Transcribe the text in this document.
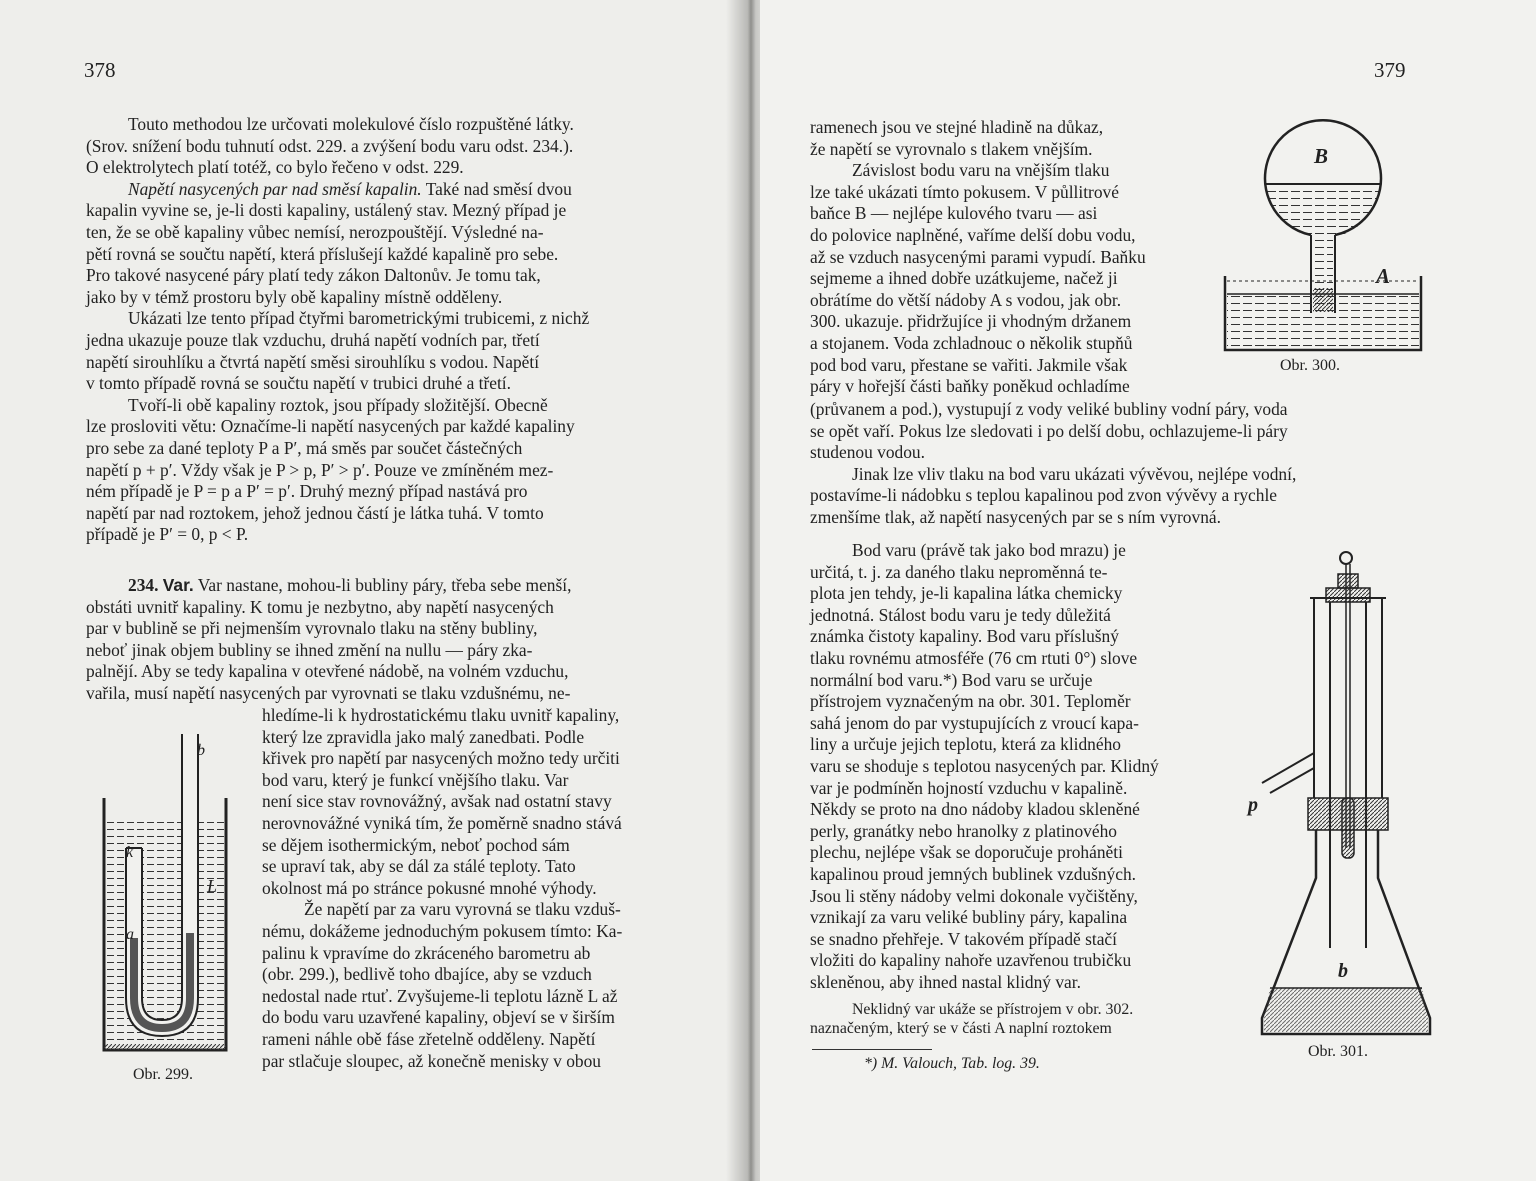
378

Touto methodou lze určovati molekulové číslo rozpuštěné látky.
(Srov. snížení bodu tuhnutí odst. 229. a zvýšení bodu varu odst. 234.).
O elektrolytech platí totéž, co bylo řečeno v odst. 229.

Napětí nasycených par nad směsí kapalin. Také nad směsí dvou
kapalin vyvine se, je-li dosti kapaliny, ustálený stav. Mezný případ je
ten, že se obě kapaliny vůbec nemísí, nerozpouštějí. Výsledné na-
pětí rovná se součtu napětí, která příslušejí každé kapalině pro sebe.
Pro takové nasycené páry platí tedy zákon Daltonův. Je tomu tak,
jako by v témž prostoru byly obě kapaliny místně odděleny.

Ukázati lze tento případ čtyřmi barometrickými trubicemi, z nichž
jedna ukazuje pouze tlak vzduchu, druhá napětí vodních par, třetí
napětí sirouhlíku a čtvrtá napětí směsi sirouhlíku s vodou. Napětí
v tomto případě rovná se součtu napětí v trubici druhé a třetí.

Tvoří-li obě kapaliny roztok, jsou případy složitější. Obecně
lze prosloviti větu: Označíme-li napětí nasycených par každé kapaliny
pro sebe za dané teploty P a P′, má směs par součet částečných
napětí p + p′. Vždy však je P > p, P′ > p′. Pouze ve zmíněném mez-
ném případě je P = p a P′ = p′. Druhý mezný případ nastává pro
napětí par nad roztokem, jehož jednou částí je látka tuhá. V tomto
případě je P′ = 0, p < P.

234. Var. Var nastane, mohou-li bubliny páry, třeba sebe menší,
obstáti uvnitř kapaliny. K tomu je nezbytno, aby napětí nasycených
par v bublině se při nejmenším vyrovnalo tlaku na stěny bubliny,
neboť jinak objem bubliny se ihned změní na nullu — páry zka-
palnějí. Aby se tedy kapalina v otevřené nádobě, na volném vzduchu,
vařila, musí napětí nasycených par vyrovnati se tlaku vzdušnému, ne-

hledíme-li k hydrostatickému tlaku uvnitř kapaliny,
který lze zpravidla jako malý zanedbati. Podle
křivek pro napětí par nasycených možno tedy určiti
bod varu, který je funkcí vnějšího tlaku. Var
není sice stav rovnovážný, avšak nad ostatní stavy
nerovnovážné vyniká tím, že poměrně snadno stává
se dějem isothermickým, neboť pochod sám
se upraví tak, aby se dál za stálé teploty. Tato
okolnost má po stránce pokusné mnohé výhody.

Že napětí par za varu vyrovná se tlaku vzduš-
nému, dokážeme jednoduchým pokusem tímto: Ka-
palinu k vpravíme do zkráceného barometru ab
(obr. 299.), bedlivě toho dbajíce, aby se vzduch
nedostal nade rtuť. Zvyšujeme-li teplotu lázně L až
do bodu varu uzavřené kapaliny, objeví se v širším
rameni náhle obě fáse zřetelně odděleny. Napětí
par stlačuje sloupec, až konečně menisky v obou

b
k
L
a
Obr. 299.
379

ramenech jsou ve stejné hladině na důkaz,
že napětí se vyrovnalo s tlakem vnějším.

Závislost bodu varu na vnějším tlaku
lze také ukázati tímto pokusem. V půllitrové
baňce B — nejlépe kulového tvaru — asi
do polovice naplněné, vaříme delší dobu vodu,
až se vzduch nasycenými parami vypudí. Baňku
sejmeme a ihned dobře uzátkujeme, načež ji
obrátíme do větší nádoby A s vodou, jak obr.
300. ukazuje. přidržujíce ji vhodným držanem
a stojanem. Voda zchladnouc o několik stupňů
pod bod varu, přestane se vařiti. Jakmile však
páry v hořejší části baňky poněkud ochladíme

(průvanem a pod.), vystupují z vody veliké bubliny vodní páry, voda
se opět vaří. Pokus lze sledovati i po delší dobu, ochlazujeme-li páry
studenou vodou.

Jinak lze vliv tlaku na bod varu ukázati vývěvou, nejlépe vodní,
postavíme-li nádobku s teplou kapalinou pod zvon vývěvy a rychle
zmenšíme tlak, až napětí nasycených par se s ním vyrovná.

Bod varu (právě tak jako bod mrazu) je
určitá, t. j. za daného tlaku neproměnná te-
plota jen tehdy, je-li kapalina látka chemicky
jednotná. Stálost bodu varu je tedy důležitá
známka čistoty kapaliny. Bod varu příslušný
tlaku rovnému atmosféře (76 cm rtuti 0°) slove
normální bod varu.*) Bod varu se určuje
přístrojem vyznačeným na obr. 301. Teploměr
sahá jenom do par vystupujících z vroucí kapa-
liny a určuje jejich teplotu, která za klidného
varu se shoduje s teplotou nasycených par. Klidný
var je podmíněn hojností vzduchu v kapalině.
Někdy se proto na dno nádoby kladou skleněné
perly, granátky nebo hranolky z platinového
plechu, nejlépe však se doporučuje proháněti
kapalinou proud jemných bublinek vzdušných.
Jsou li stěny nádoby velmi dokonale vyčištěny,
vznikají za varu veliké bubliny páry, kapalina
se snadno přehřeje. V takovém případě stačí
vložiti do kapaliny nahoře uzavřenou trubičku
skleněnou, aby ihned nastal klidný var.

Neklidný var ukáže se přístrojem v obr. 302.
naznačeným, který se v části A naplní roztokem

*) M. Valouch, Tab. log. 39.
B
A
Obr. 300.
p
b
Obr. 301.
